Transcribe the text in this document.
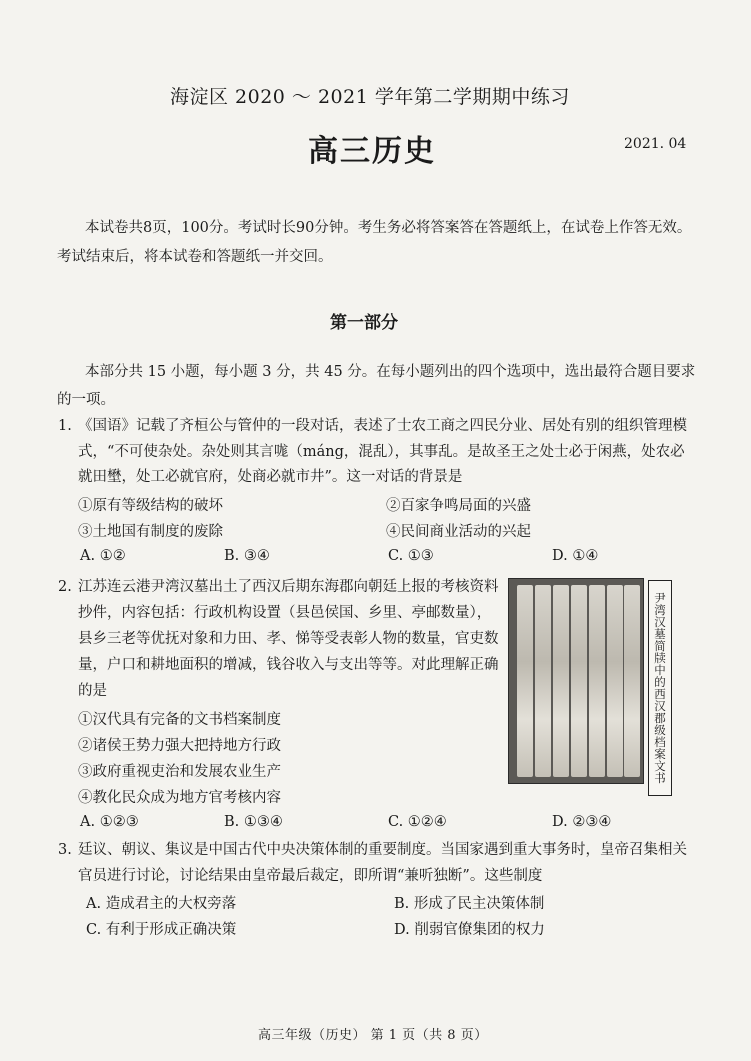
海淀区 2020 ～ 2021 学年第二学期期中练习
高三历史	2021. 04
本试卷共8页，100分。考试时长90分钟。考生务必将答案答在答题纸上，在试卷上作答无效。考试结束后，将本试卷和答题纸一并交回。
第一部分
本部分共 15 小题，每小题 3 分，共 45 分。在每小题列出的四个选项中，选出最符合题目要求的一项。
1. 《国语》记载了齐桓公与管仲的一段对话，表述了士农工商之四民分业、居处有别的组织管理模式，“不可使杂处。杂处则其言哤（máng，混乱），其事乱。是故圣王之处士必于闲燕，处农必就田壄，处工必就官府，处商必就市井”。这一对话的背景是
①原有等级结构的破坏	②百家争鸣局面的兴盛
③土地国有制度的废除	④民间商业活动的兴起
A. ①②	B. ③④	C. ①③	D. ①④
2. 江苏连云港尹湾汉墓出土了西汉后期东海郡向朝廷上报的考核资料抄件，内容包括：行政机构设置（县邑侯国、乡里、亭邮数量），县乡三老等优抚对象和力田、孝、悌等受表彰人物的数量，官吏数量，户口和耕地面积的增减，钱谷收入与支出等等。对此理解正确的是
①汉代具有完备的文书档案制度
②诸侯王势力强大把持地方行政
③政府重视吏治和发展农业生产
④教化民众成为地方官考核内容
A. ①②③	B. ①③④	C. ①②④	D. ②③④
尹湾汉墓简牍中的西汉郡级档案文书
3. 廷议、朝议、集议是中国古代中央决策体制的重要制度。当国家遇到重大事务时，皇帝召集相关官员进行讨论，讨论结果由皇帝最后裁定，即所谓“兼听独断”。这些制度
A. 造成君主的大权旁落	B. 形成了民主决策体制
C. 有利于形成正确决策	D. 削弱官僚集团的权力
高三年级（历史） 第 1 页（共 8 页）
